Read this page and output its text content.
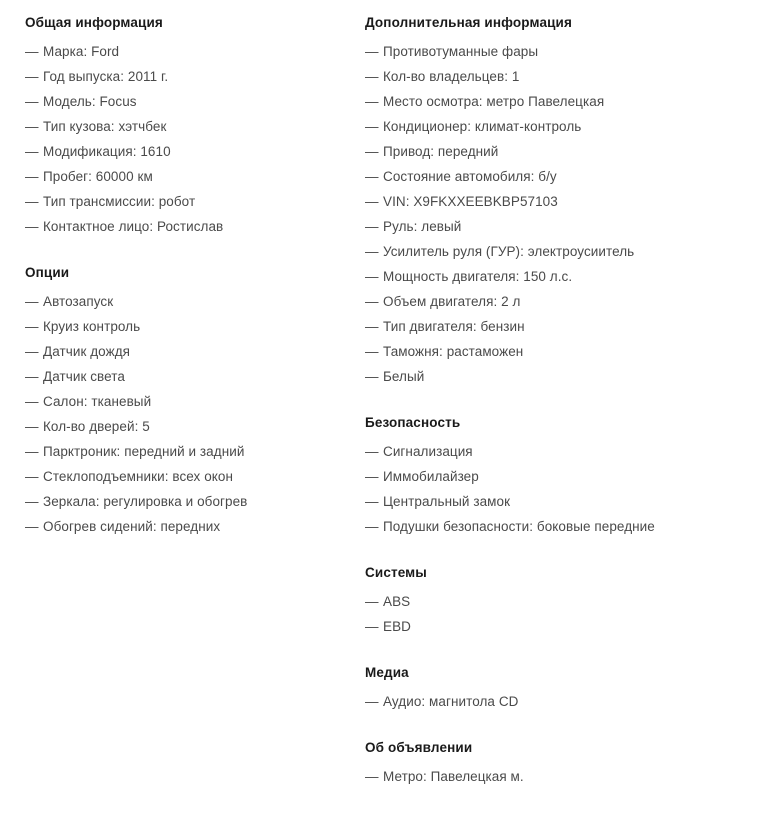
Общая информация
— Марка: Ford
— Год выпуска: 2011 г.
— Модель: Focus
— Тип кузова: хэтчбек
— Модификация: 1610
— Пробег: 60000 км
— Тип трансмиссии: робот
— Контактное лицо: Ростислав
Опции
— Автозапуск
— Круиз контроль
— Датчик дождя
— Датчик света
— Салон: тканевый
— Кол-во дверей: 5
— Парктроник: передний и задний
— Стеклоподъемники: всех окон
— Зеркала: регулировка и обогрев
— Обогрев сидений: передних
Дополнительная информация
— Противотуманные фары
— Кол-во владельцев: 1
— Место осмотра: метро Павелецкая
— Кондиционер: климат-контроль
— Привод: передний
— Состояние автомобиля: б/у
— VIN: X9FKXXEEBKBP57103
— Руль: левый
— Усилитель руля (ГУР): электроусиитель
— Мощность двигателя: 150 л.с.
— Объем двигателя: 2 л
— Тип двигателя: бензин
— Таможня: растаможен
— Белый
Безопасность
— Сигнализация
— Иммобилайзер
— Центральный замок
— Подушки безопасности: боковые передние
Системы
— ABS
— EBD
Медиа
— Аудио: магнитола CD
Об объявлении
— Метро: Павелецкая м.
